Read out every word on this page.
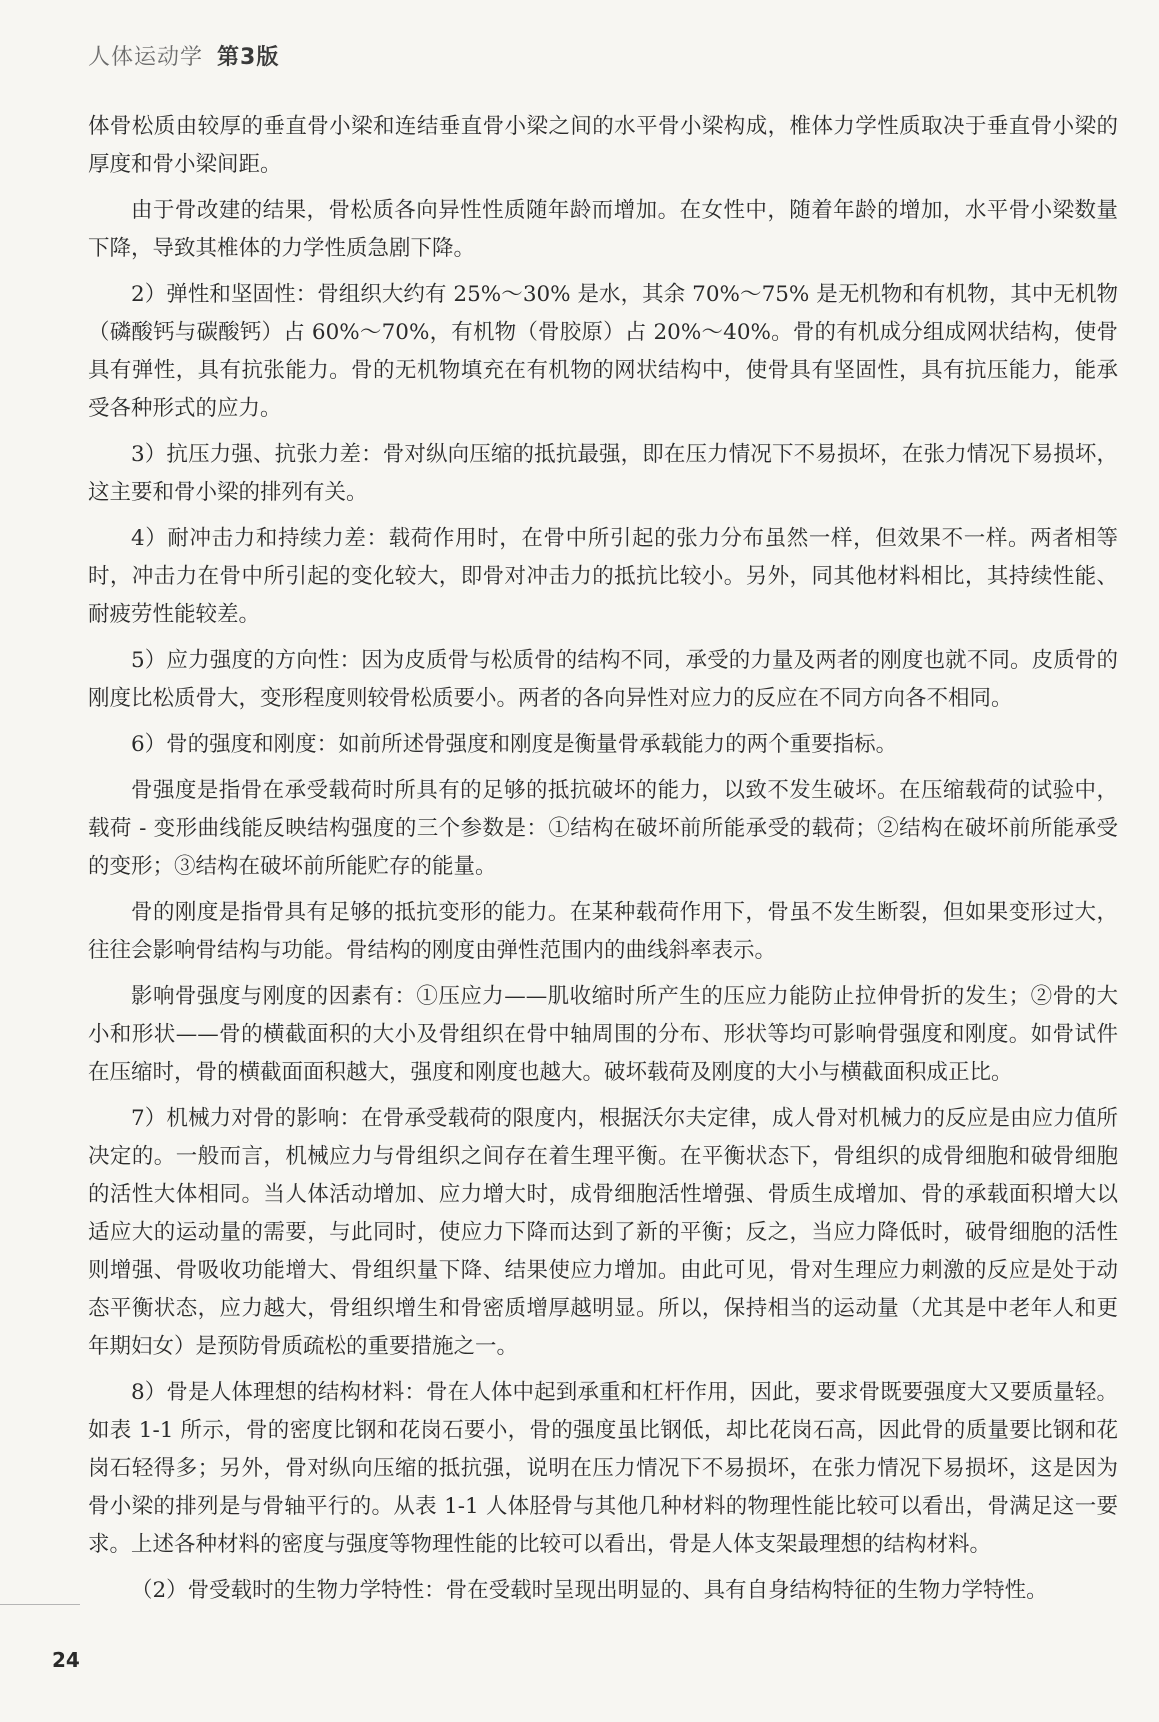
人体运动学 第3版

体骨松质由较厚的垂直骨小梁和连结垂直骨小梁之间的水平骨小梁构成，椎体力学性质取决于垂直骨小梁的厚度和骨小梁间距。

由于骨改建的结果，骨松质各向异性性质随年龄而增加。在女性中，随着年龄的增加，水平骨小梁数量下降，导致其椎体的力学性质急剧下降。

2）弹性和坚固性：骨组织大约有 25%～30% 是水，其余 70%～75% 是无机物和有机物，其中无机物（磷酸钙与碳酸钙）占 60%～70%，有机物（骨胶原）占 20%～40%。骨的有机成分组成网状结构，使骨具有弹性，具有抗张能力。骨的无机物填充在有机物的网状结构中，使骨具有坚固性，具有抗压能力，能承受各种形式的应力。

3）抗压力强、抗张力差：骨对纵向压缩的抵抗最强，即在压力情况下不易损坏，在张力情况下易损坏，这主要和骨小梁的排列有关。

4）耐冲击力和持续力差：载荷作用时，在骨中所引起的张力分布虽然一样，但效果不一样。两者相等时，冲击力在骨中所引起的变化较大，即骨对冲击力的抵抗比较小。另外，同其他材料相比，其持续性能、耐疲劳性能较差。

5）应力强度的方向性：因为皮质骨与松质骨的结构不同，承受的力量及两者的刚度也就不同。皮质骨的刚度比松质骨大，变形程度则较骨松质要小。两者的各向异性对应力的反应在不同方向各不相同。

6）骨的强度和刚度：如前所述骨强度和刚度是衡量骨承载能力的两个重要指标。

骨强度是指骨在承受载荷时所具有的足够的抵抗破坏的能力，以致不发生破坏。在压缩载荷的试验中，载荷 - 变形曲线能反映结构强度的三个参数是：①结构在破坏前所能承受的载荷；②结构在破坏前所能承受的变形；③结构在破坏前所能贮存的能量。

骨的刚度是指骨具有足够的抵抗变形的能力。在某种载荷作用下，骨虽不发生断裂，但如果变形过大，往往会影响骨结构与功能。骨结构的刚度由弹性范围内的曲线斜率表示。

影响骨强度与刚度的因素有：①压应力——肌收缩时所产生的压应力能防止拉伸骨折的发生；②骨的大小和形状——骨的横截面积的大小及骨组织在骨中轴周围的分布、形状等均可影响骨强度和刚度。如骨试件在压缩时，骨的横截面面积越大，强度和刚度也越大。破坏载荷及刚度的大小与横截面积成正比。

7）机械力对骨的影响：在骨承受载荷的限度内，根据沃尔夫定律，成人骨对机械力的反应是由应力值所决定的。一般而言，机械应力与骨组织之间存在着生理平衡。在平衡状态下，骨组织的成骨细胞和破骨细胞的活性大体相同。当人体活动增加、应力增大时，成骨细胞活性增强、骨质生成增加、骨的承载面积增大以适应大的运动量的需要，与此同时，使应力下降而达到了新的平衡；反之，当应力降低时，破骨细胞的活性则增强、骨吸收功能增大、骨组织量下降、结果使应力增加。由此可见，骨对生理应力刺激的反应是处于动态平衡状态，应力越大，骨组织增生和骨密质增厚越明显。所以，保持相当的运动量（尤其是中老年人和更年期妇女）是预防骨质疏松的重要措施之一。

8）骨是人体理想的结构材料：骨在人体中起到承重和杠杆作用，因此，要求骨既要强度大又要质量轻。如表 1-1 所示，骨的密度比钢和花岗石要小，骨的强度虽比钢低，却比花岗石高，因此骨的质量要比钢和花岗石轻得多；另外，骨对纵向压缩的抵抗强，说明在压力情况下不易损坏，在张力情况下易损坏，这是因为骨小梁的排列是与骨轴平行的。从表 1-1 人体胫骨与其他几种材料的物理性能比较可以看出，骨满足这一要求。上述各种材料的密度与强度等物理性能的比较可以看出，骨是人体支架最理想的结构材料。

（2）骨受载时的生物力学特性：骨在受载时呈现出明显的、具有自身结构特征的生物力学特性。

24
